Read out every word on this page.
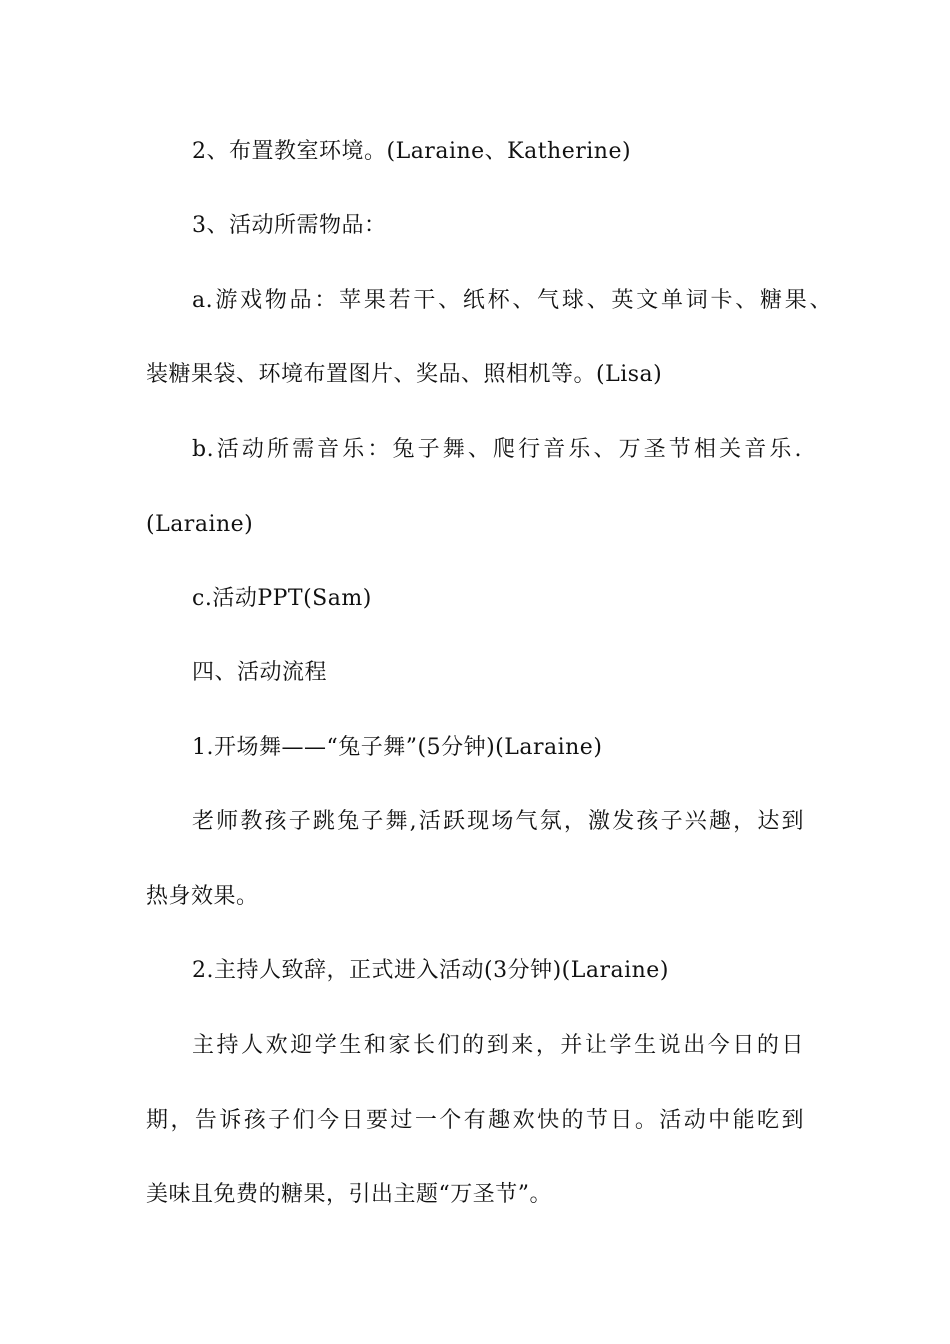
2、布置教室环境。(Laraine、Katherine)
3、活动所需物品：
a.游戏物品：苹果若干、纸杯、气球、英文单词卡、糖果、
装糖果袋、环境布置图片、奖品、照相机等。(Lisa)
b.活动所需音乐：兔子舞、爬行音乐、万圣节相关音乐.
(Laraine)
c.活动PPT(Sam)
四、活动流程
1.开场舞——“兔子舞”(5分钟)(Laraine)
老师教孩子跳兔子舞,活跃现场气氛，激发孩子兴趣，达到
热身效果。
2.主持人致辞，正式进入活动(3分钟)(Laraine)
主持人欢迎学生和家长们的到来，并让学生说出今日的日
期，告诉孩子们今日要过一个有趣欢快的节日。活动中能吃到
美味且免费的糖果，引出主题“万圣节”。
